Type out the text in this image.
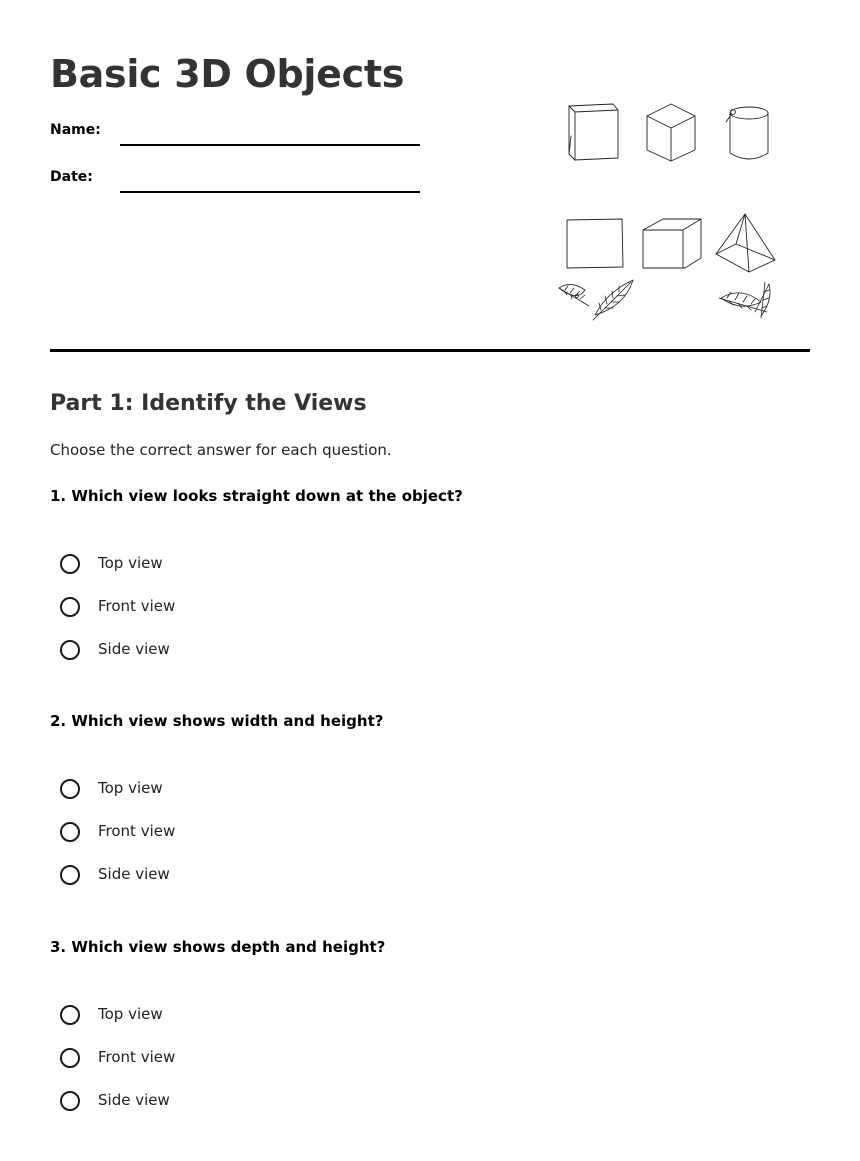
Basic 3D Objects
Name:
Date:
Part 1: Identify the Views
Choose the correct answer for each question.
1. Which view looks straight down at the object?
Top view
Front view
Side view
2. Which view shows width and height?
Top view
Front view
Side view
3. Which view shows depth and height?
Top view
Front view
Side view
